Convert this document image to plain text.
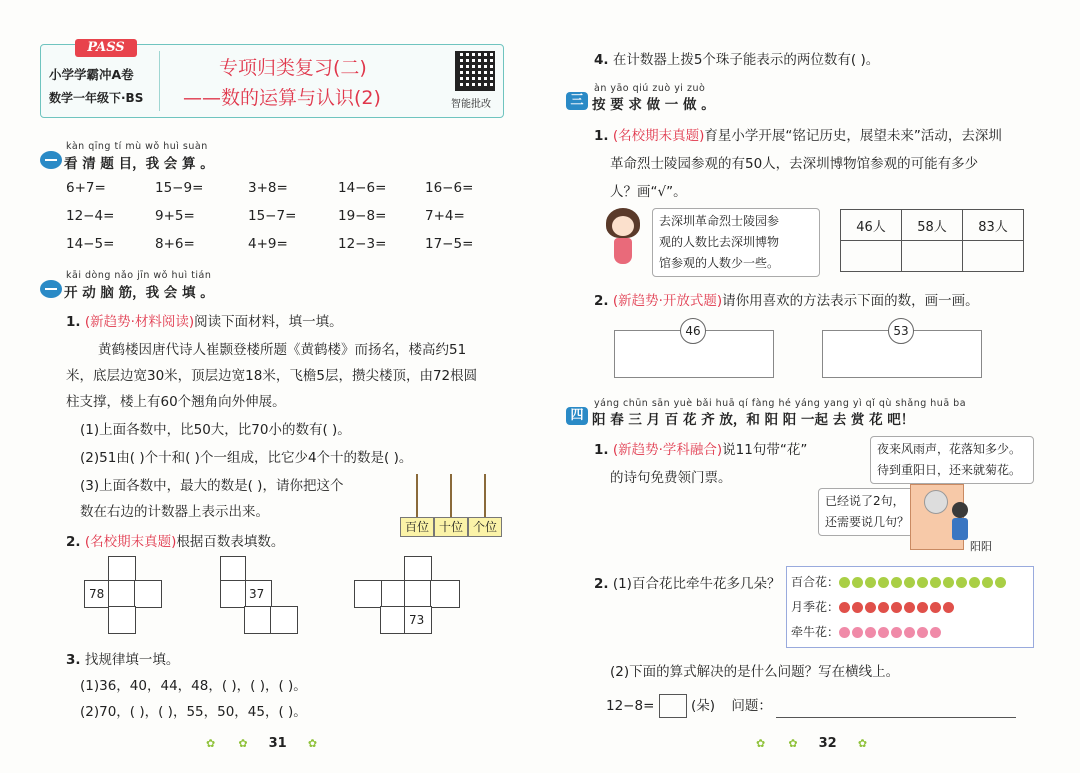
PASS
小学学霸冲A卷
数学一年级下·BS
专项归类复习(二)
——数的运算与认识(2)	智能批改
kàn qīng tí mù wǒ huì suàn
看 清 题 目，我 会 算 。
6+7=	15−9=	3+8=	14−6=	16−6=
12−4=	9+5=	15−7=	19−8=	7+4=
14−5=	8+6=	4+9=	12−3=	17−5=
kāi dòng nǎo jīn wǒ huì tián
开 动 脑 筋，我 会 填 。
1. (新趋势·材料阅读)阅读下面材料，填一填。
黄鹤楼因唐代诗人崔颢登楼所题《黄鹤楼》而扬名，楼高约51
米，底层边宽30米，顶层边宽18米，飞檐5层，攒尖楼顶，由72根圆
柱支撑，楼上有60个翘角向外伸展。
(1)上面各数中，比50大，比70小的数有( )。
(2)51由( )个十和( )个一组成，比它少4个十的数是( )。
(3)上面各数中，最大的数是( )，请你把这个
数在右边的计数器上表示出来。
百位 十位 个位
2. (名校期末真题)根据百数表填数。
78	37
73
3. 找规律填一填。
(1)36，40，44，48，( )，( )，( )。
(2)70，( )，( )，55，50，45，( )。
✿ ✿ 31 ✿
4. 在计数器上拨5个珠子能表示的两位数有( )。
àn yāo qiú zuò yi zuò
三 按 要 求 做 一 做 。
1. (名校期末真题)育星小学开展“铭记历史，展望未来”活动，去深圳
革命烈士陵园参观的有50人，去深圳博物馆参观的可能有多少
人？画“√”。
去深圳革命烈士陵园参
观的人数比去深圳博物
馆参观的人数少一些。
46人	58人	83人

2. (新趋势·开放式题)请你用喜欢的方法表示下面的数，画一画。
46	53
yáng chūn sān yuè bǎi huā qí fàng hé yáng yang yì qǐ qù shǎng huā ba
四 阳 春 三 月 百 花 齐 放，和 阳 阳 一起 去 赏 花 吧！
1. (新趋势·学科融合)说11句带“花”
的诗句免费领门票。
夜来风雨声，花落知多少。
待到重阳日，还来就菊花。
已经说了2句，
还需要说几句？
阳阳
2. (1)百合花比牵牛花多几朵？ 百合花：
月季花：
牵牛花：
(2)下面的算式解决的是什么问题？写在横线上。
12−8=	(朵) 问题：
✿ ✿ 32 ✿
